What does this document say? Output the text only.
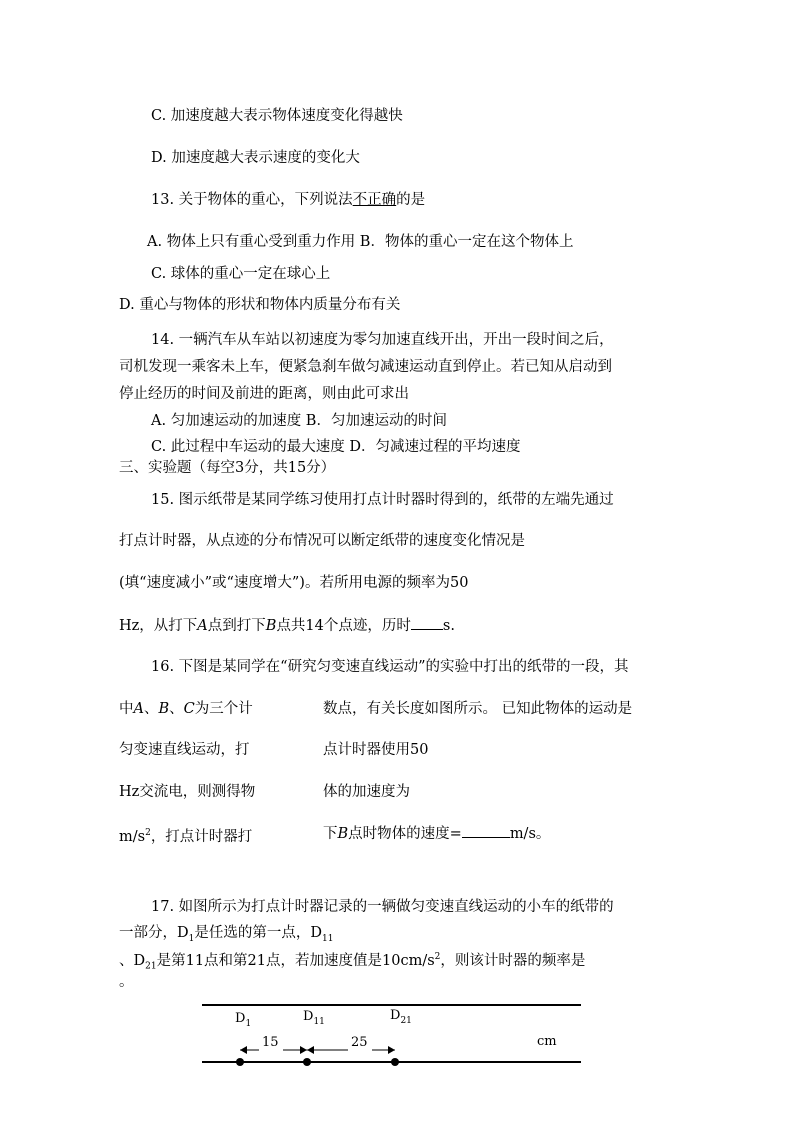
C. 加速度越大表示物体速度变化得越快
D. 加速度越大表示速度的变化大
13. 关于物体的重心，下列说法不正确的是
A. 物体上只有重心受到重力作用 B．物体的重心一定在这个物体上
C. 球体的重心一定在球心上
D. 重心与物体的形状和物体内质量分布有关
14. 一辆汽车从车站以初速度为零匀加速直线开出，开出一段时间之后，
司机发现一乘客未上车，便紧急刹车做匀减速运动直到停止。若已知从启动到
停止经历的时间及前进的距离，则由此可求出
A. 匀加速运动的加速度 B．匀加速运动的时间
C. 此过程中车运动的最大速度 D．匀减速过程的平均速度
三、实验题（每空3分，共15分）
15. 图示纸带是某同学练习使用打点计时器时得到的，纸带的左端先通过
打点计时器，从点迹的分布情况可以断定纸带的速度变化情况是
(填“速度减小”或“速度增大”)。若所用电源的频率为50
Hz，从打下A点到打下B点共14个点迹，历时 s.
16. 下图是某同学在“研究匀变速直线运动”的实验中打出的纸带的一段，其
中A、B、C为三个计	数点，有关长度如图所示。 已知此物体的运动是
匀变速直线运动，打	点计时器使用50
Hz交流电，则测得物	体的加速度为
$m/s^2$，打点计时器打	下B点时物体的速度=	m/s。
17. 如图所示为打点计时器记录的一辆做匀变速直线运动的小车的纸带的
一部分，$D_1$是任选的第一点，$D_{11}$
、$D_{21}$是第11点和第21点，若加速度值是$10cm/s^2$，则该计时器的频率是
。
$D_1$	$D_{11}$	$D_{21}$
15	25	cm
